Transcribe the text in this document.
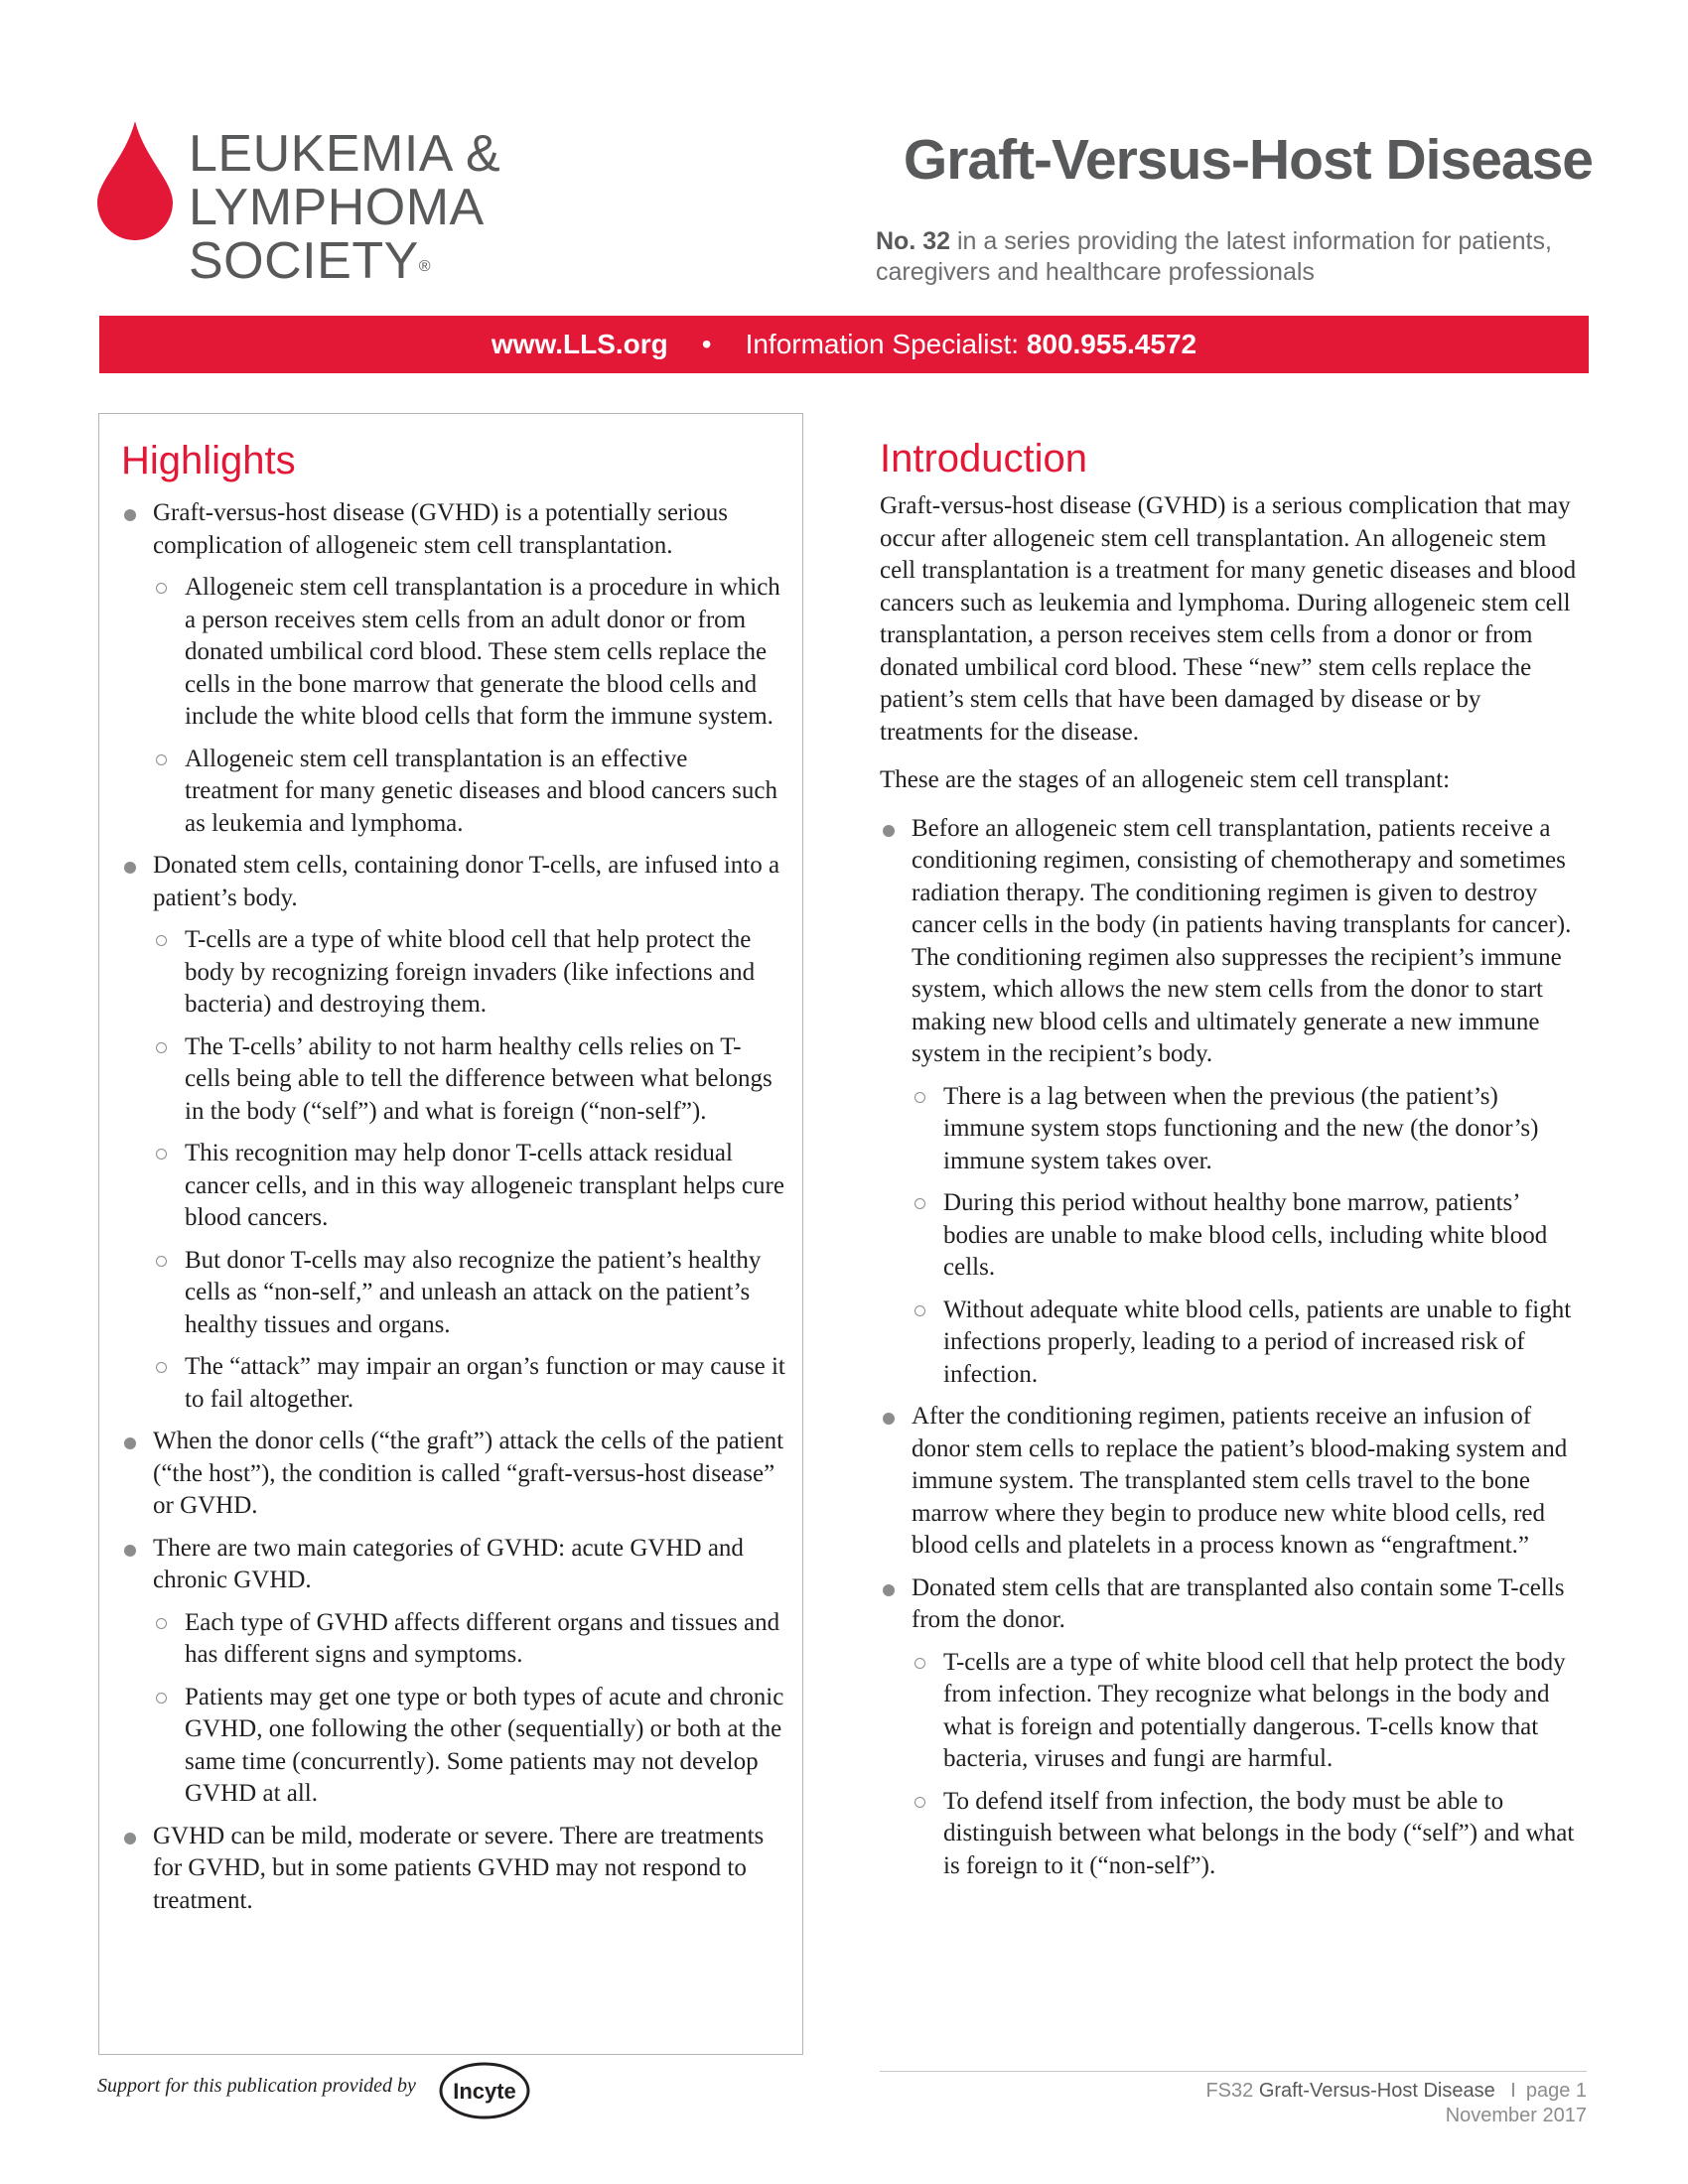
LEUKEMIA &
LYMPHOMA
SOCIETY®
Graft-Versus-Host Disease
No. 32 in a series providing the latest information for patients, caregivers and healthcare professionals
www.LLS.org • Information Specialist:
800.955.4572
Highlights
Graft-versus-host disease (GVHD) is a potentially serious complication of allogeneic stem cell transplantation.
Allogeneic stem cell transplantation is a procedure in which a person receives stem cells from an adult donor or from donated umbilical cord blood. These stem cells replace the cells in the bone marrow that generate the blood cells and include the white blood cells that form the immune system.
Allogeneic stem cell transplantation is an effective treatment for many genetic diseases and blood cancers such as leukemia and lymphoma.
Donated stem cells, containing donor T-cells, are infused into a patient’s body.
T-cells are a type of white blood cell that help protect the body by recognizing foreign invaders (like infections and bacteria) and destroying them.
The T-cells’ ability to not harm healthy cells relies on T-cells being able to tell the difference between what belongs in the body (“self”) and what is foreign (“non-self”).
This recognition may help donor T-cells attack residual cancer cells, and in this way allogeneic transplant helps cure blood cancers.
But donor T-cells may also recognize the patient’s healthy cells as “non-self,” and unleash an attack on the patient’s healthy tissues and organs.
The “attack” may impair an organ’s function or may cause it to fail altogether.
When the donor cells (“the graft”) attack the cells of the patient (“the host”), the condition is called “graft-versus-host disease” or GVHD.
There are two main categories of GVHD: acute GVHD and chronic GVHD.
Each type of GVHD affects different organs and tissues and has different signs and symptoms.
Patients may get one type or both types of acute and chronic GVHD, one following the other (sequentially) or both at the same time (concurrently). Some patients may not develop GVHD at all.
GVHD can be mild, moderate or severe. There are treatments for GVHD, but in some patients GVHD may not respond to treatment.
Introduction

Graft-versus-host disease (GVHD) is a serious complication that may occur after allogeneic stem cell transplantation. An allogeneic stem cell transplantation is a treatment for many genetic diseases and blood cancers such as leukemia and lymphoma. During allogeneic stem cell transplantation, a person receives stem cells from a donor or from donated umbilical cord blood. These “new” stem cells replace the patient’s stem cells that have been damaged by disease or by treatments for the disease.

These are the stages of an allogeneic stem cell transplant:

Before an allogeneic stem cell transplantation, patients receive a conditioning regimen, consisting of chemotherapy and sometimes radiation therapy. The conditioning regimen is given to destroy cancer cells in the body (in patients having transplants for cancer). The conditioning regimen also suppresses the recipient’s immune system, which allows the new stem cells from the donor to start making new blood cells and ultimately generate a new immune system in the recipient’s body.
There is a lag between when the previous (the patient’s) immune system stops functioning and the new (the donor’s) immune system takes over.
During this period without healthy bone marrow, patients’ bodies are unable to make blood cells, including white blood cells.
Without adequate white blood cells, patients are unable to fight infections properly, leading to a period of increased risk of infection.
After the conditioning regimen, patients receive an infusion of donor stem cells to replace the patient’s blood-making system and immune system. The transplanted stem cells travel to the bone marrow where they begin to produce new white blood cells, red blood cells and platelets in a process known as “engraftment.”
Donated stem cells that are transplanted also contain some T-cells from the donor.
T-cells are a type of white blood cell that help protect the body from infection. They recognize what belongs in the body and what is foreign and potentially dangerous. T-cells know that bacteria, viruses and fungi are harmful.
To defend itself from infection, the body must be able to distinguish between what belongs in the body (“self”) and what is foreign to it (“non-self”).
Support for this publication provided by Incyte	FS32 Graft-Versus-Host Disease I page 1
November 2017
